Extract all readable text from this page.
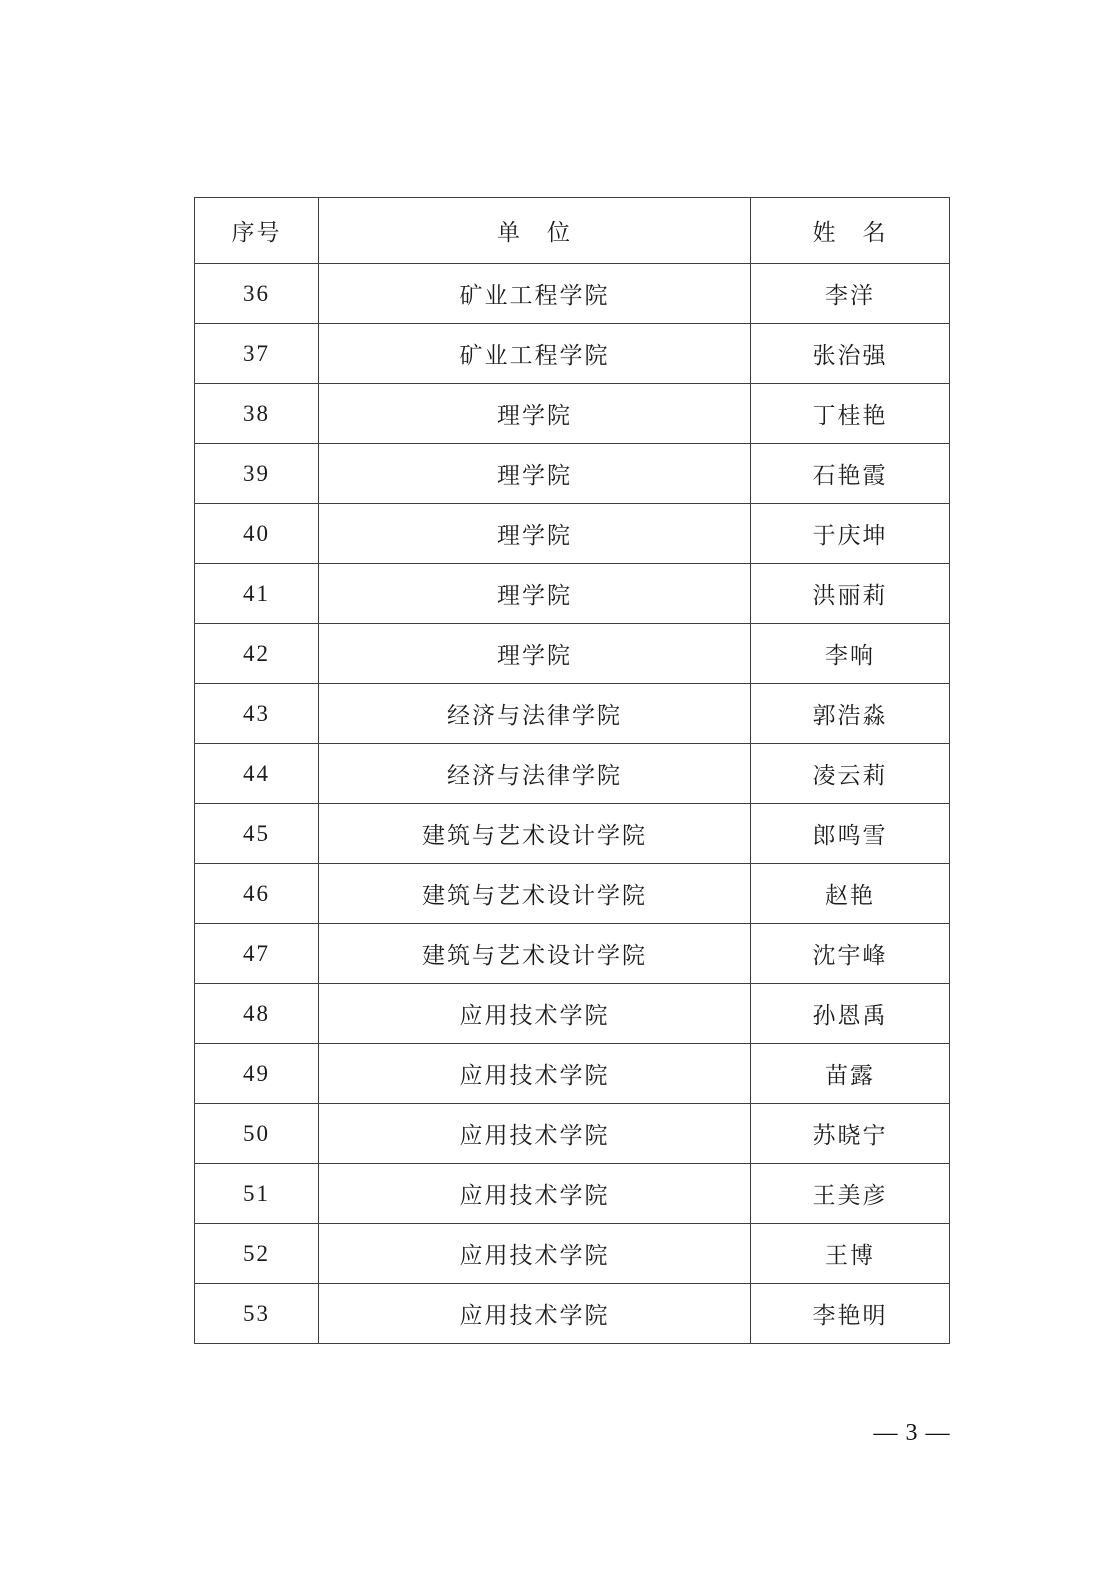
序号	单　位	姓　名
36	矿业工程学院	李洋
37	矿业工程学院	张治强
38	理学院	丁桂艳
39	理学院	石艳霞
40	理学院	于庆坤
41	理学院	洪丽莉
42	理学院	李响
43	经济与法律学院	郭浩淼
44	经济与法律学院	凌云莉
45	建筑与艺术设计学院	郎鸣雪
46	建筑与艺术设计学院	赵艳
47	建筑与艺术设计学院	沈宇峰
48	应用技术学院	孙恩禹
49	应用技术学院	苗露
50	应用技术学院	苏晓宁
51	应用技术学院	王美彦
52	应用技术学院	王博
53	应用技术学院	李艳明
— 3 —
